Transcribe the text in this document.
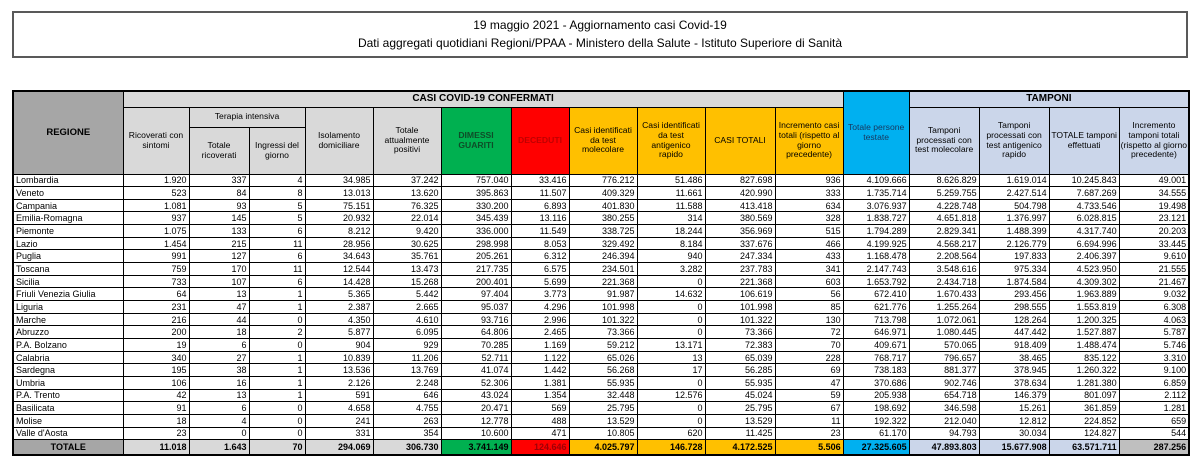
19 maggio 2021 - Aggiornamento casi Covid-19
Dati aggregati quotidiani Regioni/PPAA - Ministero della Salute - Istituto Superiore di Sanità
REGIONE	CASI COVID-19 CONFERMATI											Totale persone testate	TAMPONI			
	Ricoverati con sintomi	Terapia intensiva		Isolamento domiciliare	Totale attualmente positivi	DIMESSI GUARITI	DECEDUTI	Casi identificati da test molecolare	Casi identificati da test antigenico rapido	CASI TOTALI	Incremento casi totali (rispetto al giorno precedente)		Tamponi processati con test molecolare	Tamponi processati con test antigenico rapido	TOTALE tamponi effettuati	Incremento tamponi totali (rispetto al giorno precedente)
		Totale ricoverati	Ingressi del giorno													
Lombardia	1.920	337	4	34.985	37.242	757.040	33.416	776.212	51.486	827.698	936	4.109.666	8.626.829	1.619.014	10.245.843	49.001
Veneto	523	84	8	13.013	13.620	395.863	11.507	409.329	11.661	420.990	333	1.735.714	5.259.755	2.427.514	7.687.269	34.555
Campania	1.081	93	5	75.151	76.325	330.200	6.893	401.830	11.588	413.418	634	3.076.937	4.228.748	504.798	4.733.546	19.498
Emilia-Romagna	937	145	5	20.932	22.014	345.439	13.116	380.255	314	380.569	328	1.838.727	4.651.818	1.376.997	6.028.815	23.121
Piemonte	1.075	133	6	8.212	9.420	336.000	11.549	338.725	18.244	356.969	515	1.794.289	2.829.341	1.488.399	4.317.740	20.203
Lazio	1.454	215	11	28.956	30.625	298.998	8.053	329.492	8.184	337.676	466	4.199.925	4.568.217	2.126.779	6.694.996	33.445
Puglia	991	127	6	34.643	35.761	205.261	6.312	246.394	940	247.334	433	1.168.478	2.208.564	197.833	2.406.397	9.610
Toscana	759	170	11	12.544	13.473	217.735	6.575	234.501	3.282	237.783	341	2.147.743	3.548.616	975.334	4.523.950	21.555
Sicilia	733	107	6	14.428	15.268	200.401	5.699	221.368	0	221.368	603	1.653.792	2.434.718	1.874.584	4.309.302	21.467
Friuli Venezia Giulia	64	13	1	5.365	5.442	97.404	3.773	91.987	14.632	106.619	56	672.410	1.670.433	293.456	1.963.889	9.032
Liguria	231	47	1	2.387	2.665	95.037	4.296	101.998	0	101.998	85	621.776	1.255.264	298.555	1.553.819	6.308
Marche	216	44	0	4.350	4.610	93.716	2.996	101.322	0	101.322	130	713.798	1.072.061	128.264	1.200.325	4.063
Abruzzo	200	18	2	5.877	6.095	64.806	2.465	73.366	0	73.366	72	646.971	1.080.445	447.442	1.527.887	5.787
P.A. Bolzano	19	6	0	904	929	70.285	1.169	59.212	13.171	72.383	70	409.671	570.065	918.409	1.488.474	5.746
Calabria	340	27	1	10.839	11.206	52.711	1.122	65.026	13	65.039	228	768.717	796.657	38.465	835.122	3.310
Sardegna	195	38	1	13.536	13.769	41.074	1.442	56.268	17	56.285	69	738.183	881.377	378.945	1.260.322	9.100
Umbria	106	16	1	2.126	2.248	52.306	1.381	55.935	0	55.935	47	370.686	902.746	378.634	1.281.380	6.859
P.A. Trento	42	13	1	591	646	43.024	1.354	32.448	12.576	45.024	59	205.938	654.718	146.379	801.097	2.112
Basilicata	91	6	0	4.658	4.755	20.471	569	25.795	0	25.795	67	198.692	346.598	15.261	361.859	1.281
Molise	18	4	0	241	263	12.778	488	13.529	0	13.529	11	192.322	212.040	12.812	224.852	659
Valle d'Aosta	23	0	0	331	354	10.600	471	10.805	620	11.425	23	61.170	94.793	30.034	124.827	544
TOTALE	11.018	1.643	70	294.069	306.730	3.741.149	124.646	4.025.797	146.728	4.172.525	5.506	27.325.605	47.893.803	15.677.908	63.571.711	287.256
